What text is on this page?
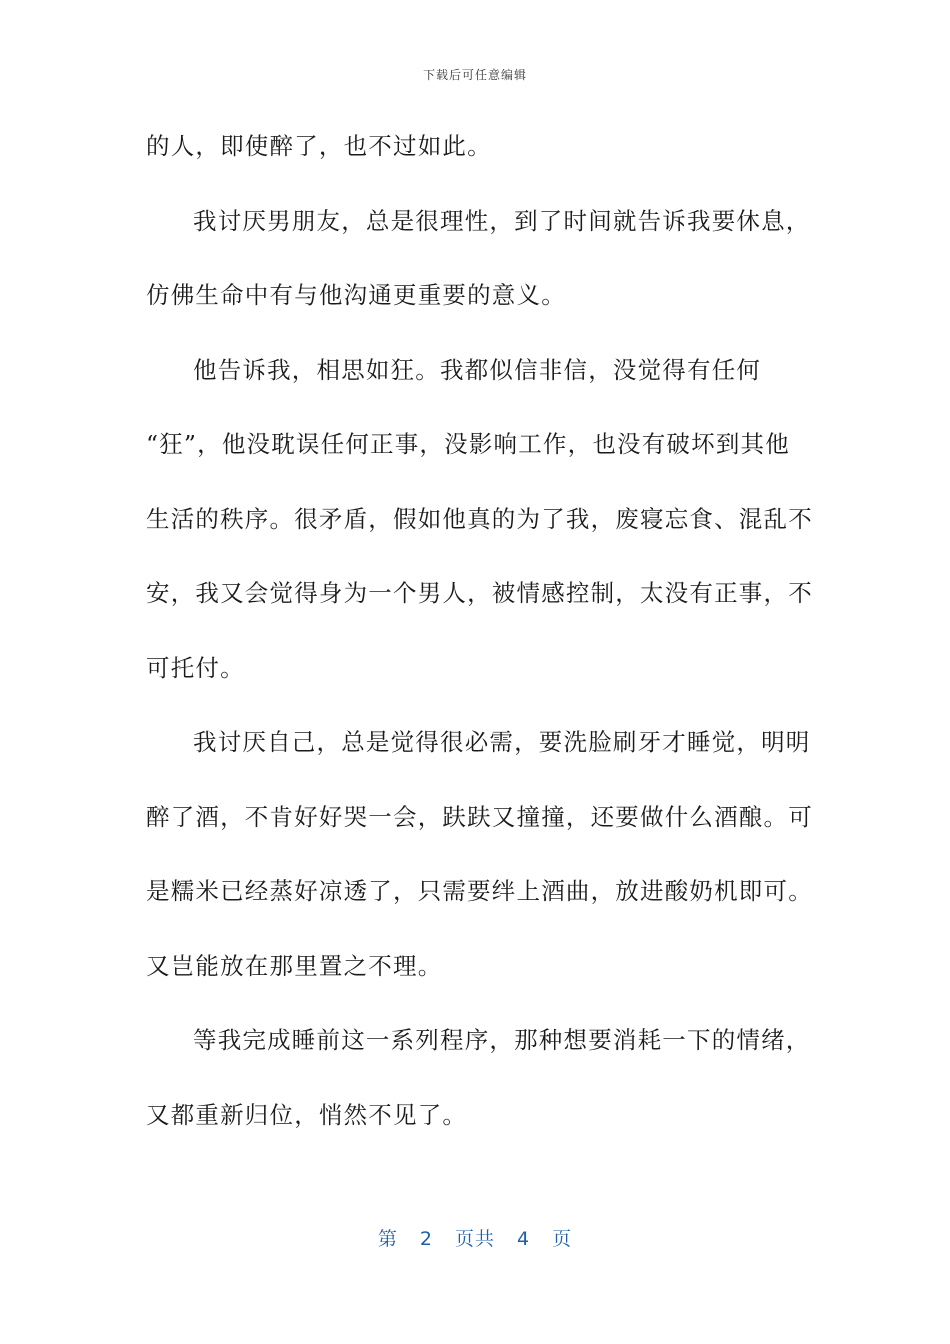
下载后可任意编辑
的人，即使醉了，也不过如此。
我讨厌男朋友，总是很理性，到了时间就告诉我要休息，
仿佛生命中有与他沟通更重要的意义。
他告诉我，相思如狂。我都似信非信，没觉得有任何
“狂”，他没耽误任何正事，没影响工作，也没有破坏到其他
生活的秩序。很矛盾，假如他真的为了我，废寝忘食、混乱不
安，我又会觉得身为一个男人，被情感控制，太没有正事，不
可托付。
我讨厌自己，总是觉得很必需，要洗脸刷牙才睡觉，明明
醉了酒，不肯好好哭一会，趺趺又撞撞，还要做什么酒酿。可
是糯米已经蒸好凉透了，只需要绊上酒曲，放进酸奶机即可。
又岂能放在那里置之不理。
等我完成睡前这一系列程序，那种想要消耗一下的情绪，
又都重新归位，悄然不见了。
第 2 页共 4 页
